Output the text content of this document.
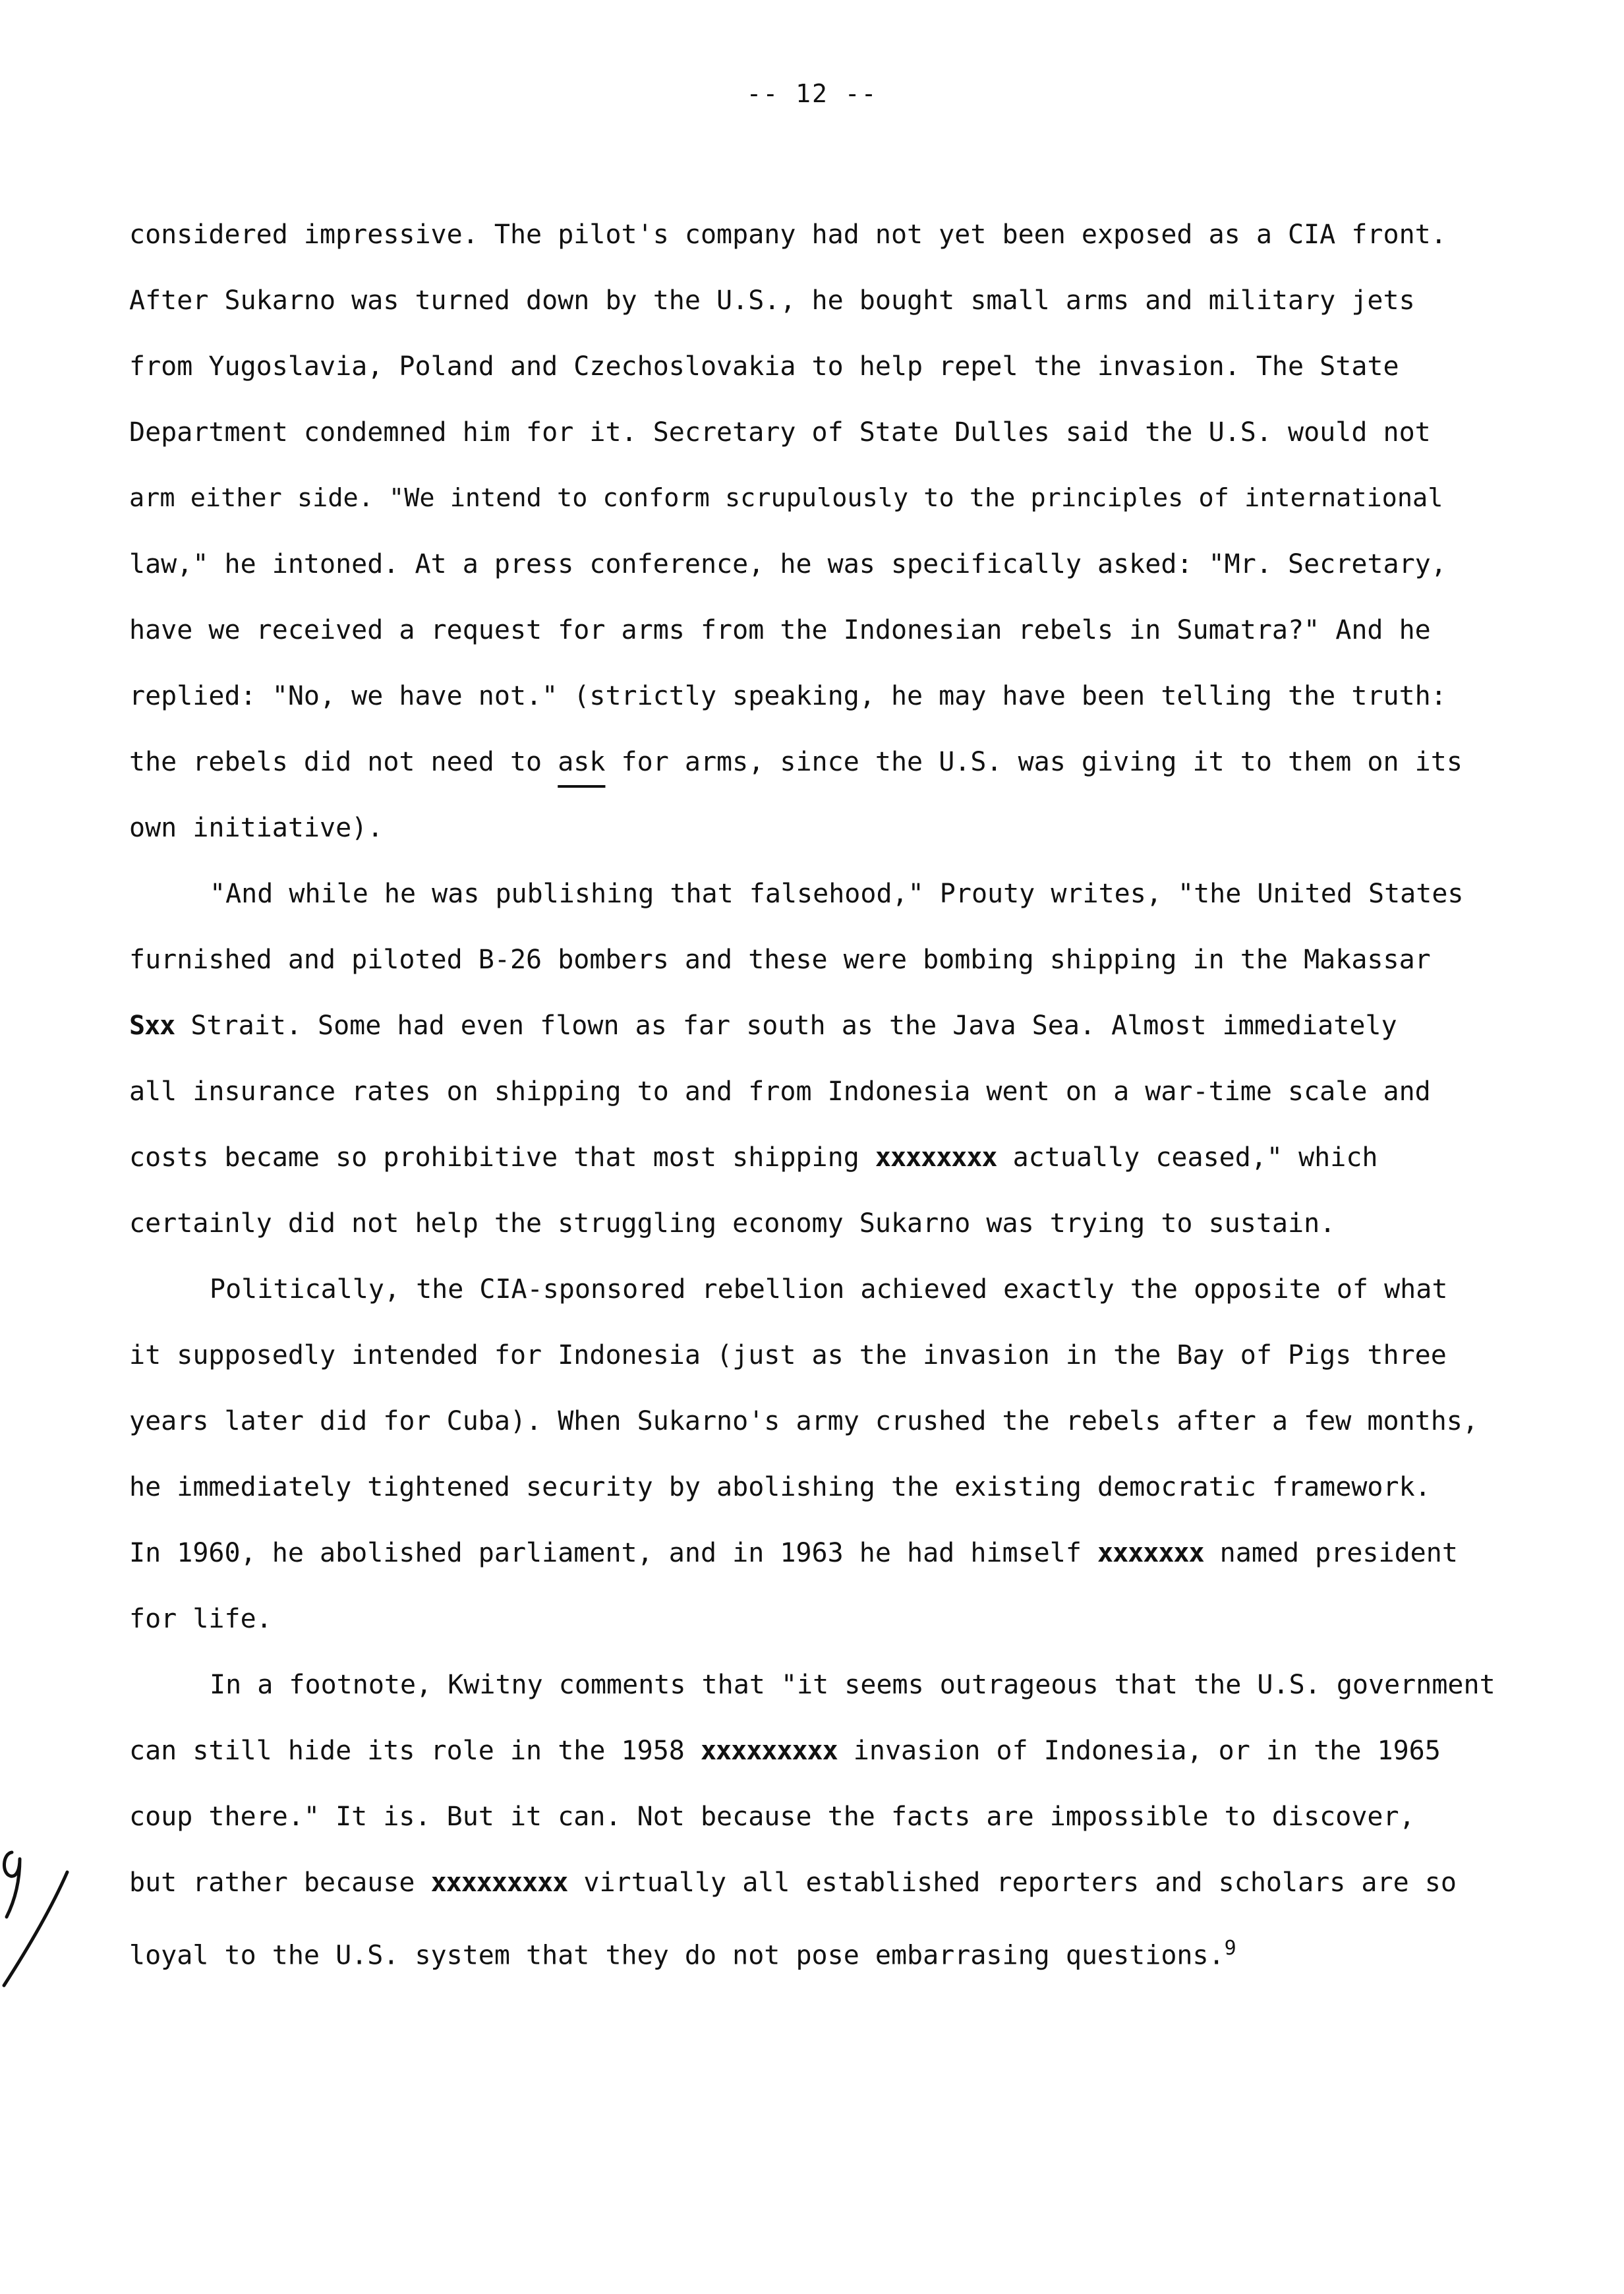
-- 12 --
considered impressive. The pilot's company had not yet been exposed as a CIA front.
After Sukarno was turned down by the U.S., he bought small arms and military jets
from Yugoslavia, Poland and Czechoslovakia to help repel the invasion. The State
Department condemned him for it. Secretary of State Dulles said the U.S. would not
arm either side. "We intend to conform scrupulously to the principles of international
law," he intoned. At a press conference, he was specifically asked: "Mr. Secretary,
have we received a request for arms from the Indonesian rebels in Sumatra?" And he
replied: "No, we have not." (strictly speaking, he may have been telling the truth:
the rebels did not need to ask for arms, since the U.S. was giving it to them on its
own initiative).
"And while he was publishing that falsehood," Prouty writes, "the United States
furnished and piloted B-26 bombers and these were bombing shipping in the Makassar
Sxx Strait. Some had even flown as far south as the Java Sea. Almost immediately
all insurance rates on shipping to and from Indonesia went on a war-time scale and
costs became so prohibitive that most shipping xxxxxxxx actually ceased," which
certainly did not help the struggling economy Sukarno was trying to sustain.
Politically, the CIA-sponsored rebellion achieved exactly the opposite of what
it supposedly intended for Indonesia (just as the invasion in the Bay of Pigs three
years later did for Cuba). When Sukarno's army crushed the rebels after a few months,
he immediately tightened security by abolishing the existing democratic framework.
In 1960, he abolished parliament, and in 1963 he had himself xxxxxxx named president
for life.
In a footnote, Kwitny comments that "it seems outrageous that the U.S. government
can still hide its role in the 1958 xxxxxxxxx invasion of Indonesia, or in the 1965
coup there." It is. But it can. Not because the facts are impossible to discover,
but rather because xxxxxxxxx virtually all established reporters and scholars are so
loyal to the U.S. system that they do not pose embarrasing questions.$^9$
